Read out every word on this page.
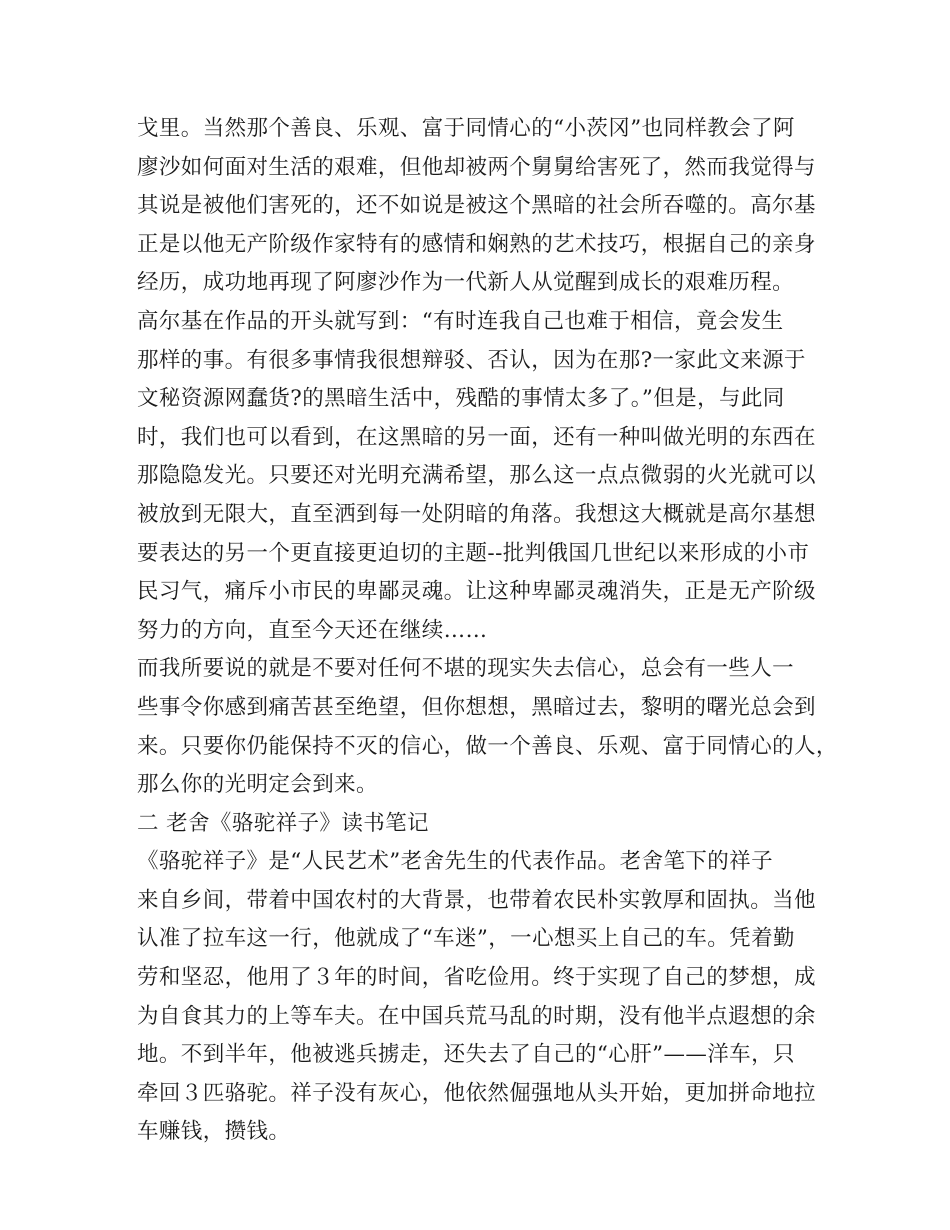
戈里。当然那个善良、乐观、富于同情心的“小茨冈”也同样教会了阿
廖沙如何面对生活的艰难，但他却被两个舅舅给害死了，然而我觉得与
其说是被他们害死的，还不如说是被这个黑暗的社会所吞噬的。高尔基
正是以他无产阶级作家特有的感情和娴熟的艺术技巧，根据自己的亲身
经历，成功地再现了阿廖沙作为一代新人从觉醒到成长的艰难历程。
高尔基在作品的开头就写到：“有时连我自己也难于相信，竟会发生
那样的事。有很多事情我很想辩驳、否认，因为在那?一家此文来源于
文秘资源网蠢货?的黑暗生活中，残酷的事情太多了。”但是，与此同
时，我们也可以看到，在这黑暗的另一面，还有一种叫做光明的东西在
那隐隐发光。只要还对光明充满希望，那么这一点点微弱的火光就可以
被放到无限大，直至洒到每一处阴暗的角落。我想这大概就是高尔基想
要表达的另一个更直接更迫切的主题--批判俄国几世纪以来形成的小市
民习气，痛斥小市民的卑鄙灵魂。让这种卑鄙灵魂消失，正是无产阶级
努力的方向，直至今天还在继续……
而我所要说的就是不要对任何不堪的现实失去信心，总会有一些人一
些事令你感到痛苦甚至绝望，但你想想，黑暗过去，黎明的曙光总会到
来。只要你仍能保持不灭的信心，做一个善良、乐观、富于同情心的人，
那么你的光明定会到来。
二 老舍《骆驼祥子》读书笔记
《骆驼祥子》是“人民艺术”老舍先生的代表作品。老舍笔下的祥子
来自乡间，带着中国农村的大背景，也带着农民朴实敦厚和固执。当他
认准了拉车这一行，他就成了“车迷”，一心想买上自己的车。凭着勤
劳和坚忍，他用了３年的时间，省吃俭用。终于实现了自己的梦想，成
为自食其力的上等车夫。在中国兵荒马乱的时期，没有他半点遐想的余
地。不到半年，他被逃兵掳走，还失去了自己的“心肝”——洋车，只
牵回３匹骆驼。祥子没有灰心，他依然倔强地从头开始，更加拼命地拉
车赚钱，攒钱。
